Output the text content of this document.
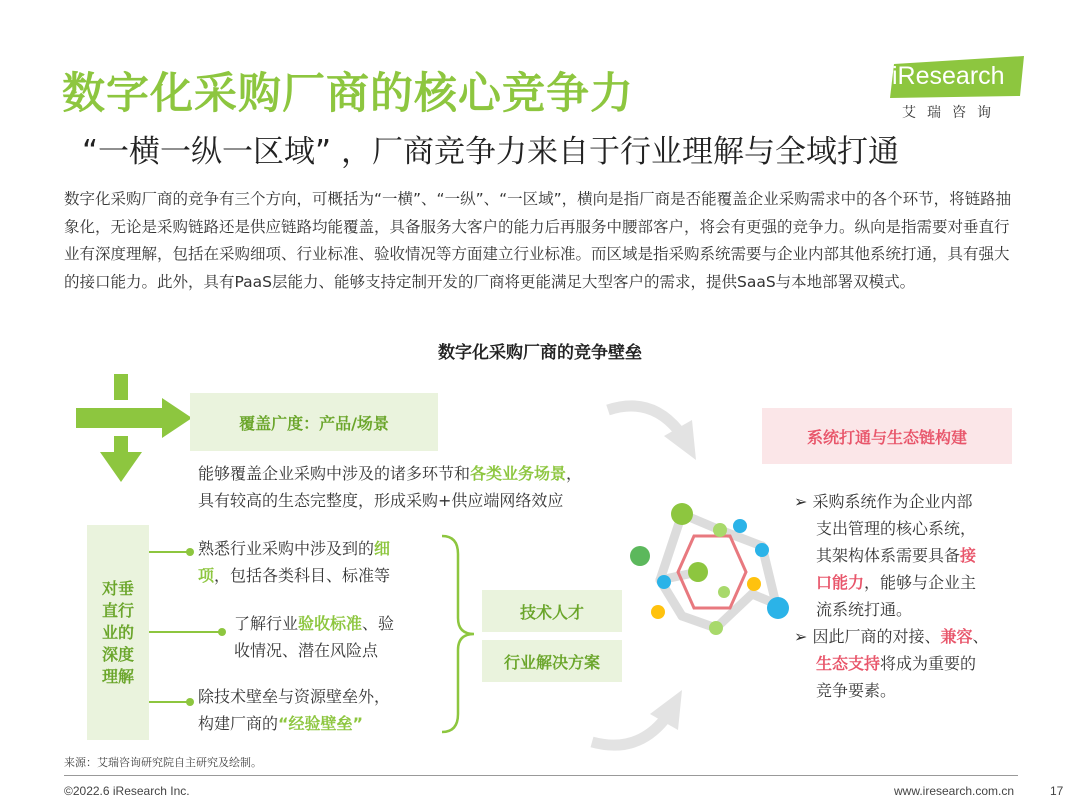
数字化采购厂商的核心竞争力
“一横一纵一区域” ，厂商竞争力来自于行业理解与全域打通
iResearch
艾瑞咨询
数字化采购厂商的竞争有三个方向，可概括为“一横”、“一纵”、“一区域”，横向是指厂商是否能覆盖企业采购需求中的各个环节，将链路抽象化，无论是采购链路还是供应链路均能覆盖，具备服务大客户的能力后再服务中腰部客户，将会有更强的竞争力。纵向是指需要对垂直行业有深度理解，包括在采购细项、行业标准、验收情况等方面建立行业标准。而区域是指采购系统需要与企业内部其他系统打通，具有强大的接口能力。此外，具有PaaS层能力、能够支持定制开发的厂商将更能满足大型客户的需求，提供SaaS与本地部署双模式。
数字化采购厂商的竞争壁垒
覆盖广度：产品/场景
能够覆盖企业采购中涉及的诸多环节和各类业务场景，
具有较高的生态完整度，形成采购+供应端网络效应
对垂直行业的深度理解
熟悉行业采购中涉及到的细
项，包括各类科目、标准等
了解行业验收标准、验
收情况、潜在风险点
除技术壁垒与资源壁垒外，
构建厂商的“经验壁垒”
技术人才
行业解决方案
系统打通与生态链构建
➢ 采购系统作为企业内部
支出管理的核心系统，
其架构体系需要具备接
口能力，能够与企业主
流系统打通。
➢ 因此厂商的对接、兼容、
生态支持将成为重要的
竞争要素。
来源：艾瑞咨询研究院自主研究及绘制。
©2022.6 iResearch Inc.	www.iresearch.com.cn	17
